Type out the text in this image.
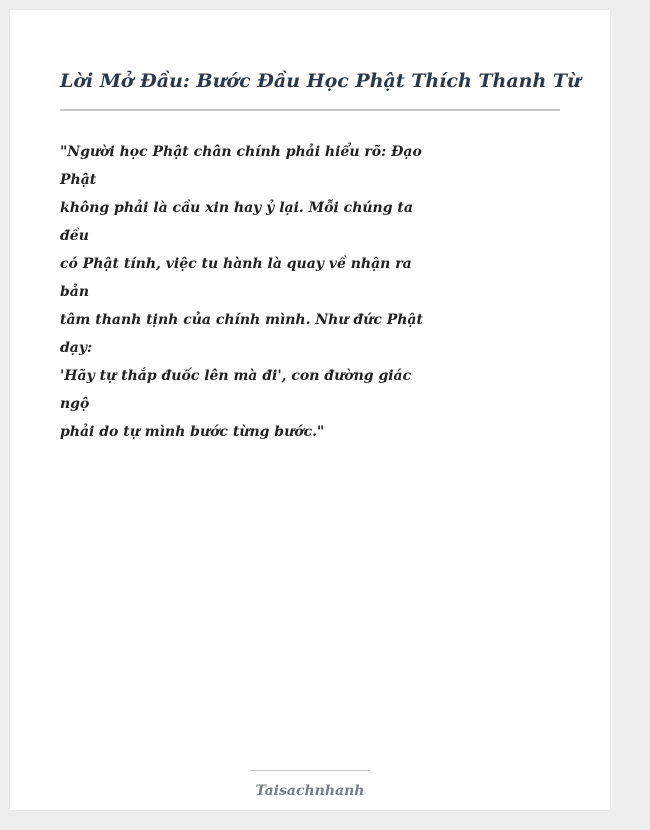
Lời Mở Đầu: Bước Đầu Học Phật Thích Thanh Từ
"Người học Phật chân chính phải hiểu rõ: Đạo
Phật
không phải là cầu xin hay ỷ lại. Mỗi chúng ta
đều
có Phật tính, việc tu hành là quay về nhận ra
bản
tâm thanh tịnh của chính mình. Như đức Phật
dạy:
'Hãy tự thắp đuốc lên mà đi', con đường giác
ngộ
phải do tự mình bước từng bước."
Taisachnhanh
